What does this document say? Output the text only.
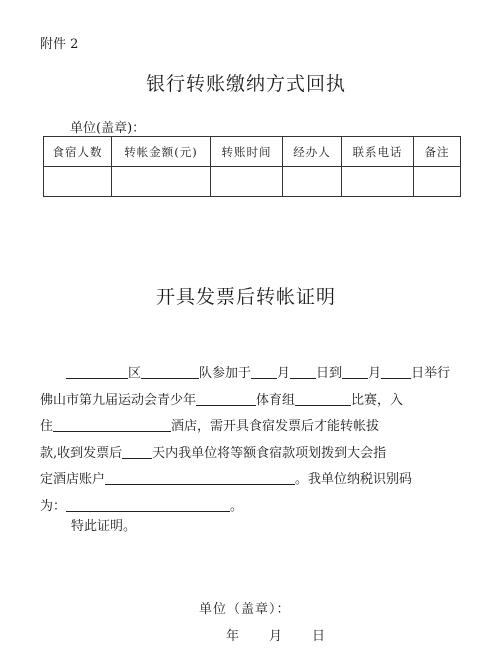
附件 2
银行转账缴纳方式回执
单位(盖章)：
食宿人数	转帐金额(元)	转账时间	经办人	联系电话	备注

开具发票后转帐证明
区	队参加于 月 日到 月 日举行
佛山市第九届运动会青少年	体育组	比赛，入
住	酒店，需开具食宿发票后才能转帐拔
款,收到发票后 天内我单位将等额食宿款项划拨到大会指
定酒店账户	。我单位纳税识别码
为：	。
特此证明。
单位（盖章）：
年 月 日
